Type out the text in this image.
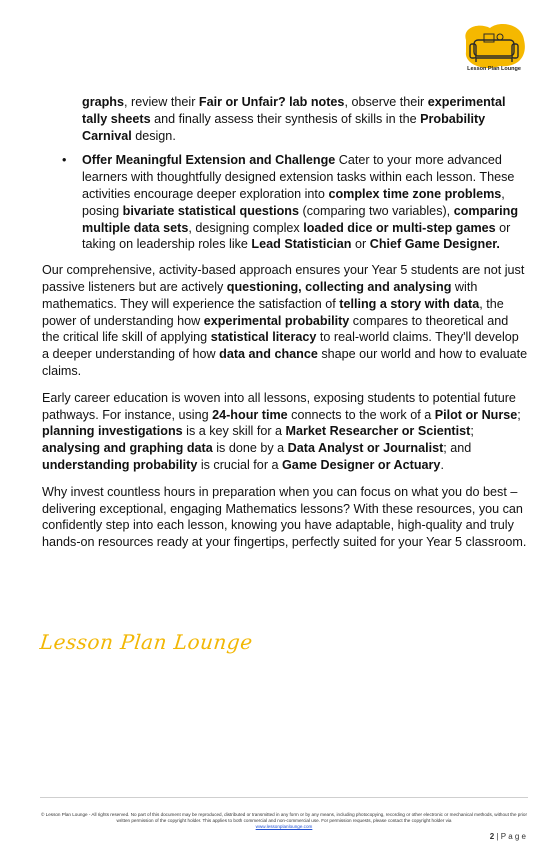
Lesson Plan Lounge
graphs, review their Fair or Unfair? lab notes, observe their experimental tally sheets and finally assess their synthesis of skills in the Probability Carnival design.
• Offer Meaningful Extension and Challenge Cater to your more advanced learners with thoughtfully designed extension tasks within each lesson. These activities encourage deeper exploration into complex time zone problems, posing bivariate statistical questions (comparing two variables), comparing multiple data sets, designing complex loaded dice or multi-step games or taking on leadership roles like Lead Statistician or Chief Game Designer.

Our comprehensive, activity-based approach ensures your Year 5 students are not just passive listeners but are actively questioning, collecting and analysing with mathematics. They will experience the satisfaction of telling a story with data, the power of understanding how experimental probability compares to theoretical and the critical life skill of applying statistical literacy to real-world claims. They'll develop a deeper understanding of how data and chance shape our world and how to evaluate claims.

Early career education is woven into all lessons, exposing students to potential future pathways. For instance, using 24-hour time connects to the work of a Pilot or Nurse; planning investigations is a key skill for a Market Researcher or Scientist; analysing and graphing data is done by a Data Analyst or Journalist; and understanding probability is crucial for a Game Designer or Actuary.

Why invest countless hours in preparation when you can focus on what you do best – delivering exceptional, engaging Mathematics lessons? With these resources, you can confidently step into each lesson, knowing you have adaptable, high-quality and truly hands-on resources ready at your fingertips, perfectly suited for your Year 5 classroom.

Lesson Plan Lounge
© Lesson Plan Lounge - All rights reserved. No part of this document may be reproduced, distributed or transmitted in any form or by any means, including photocopying, recording or other electronic or mechanical methods, without the prior written permission of the copyright holder. This applies to both commercial and non-commercial use. For permission requests, please contact the copyright holder via
www.lessonplanlounge.com
2 | P a g e
